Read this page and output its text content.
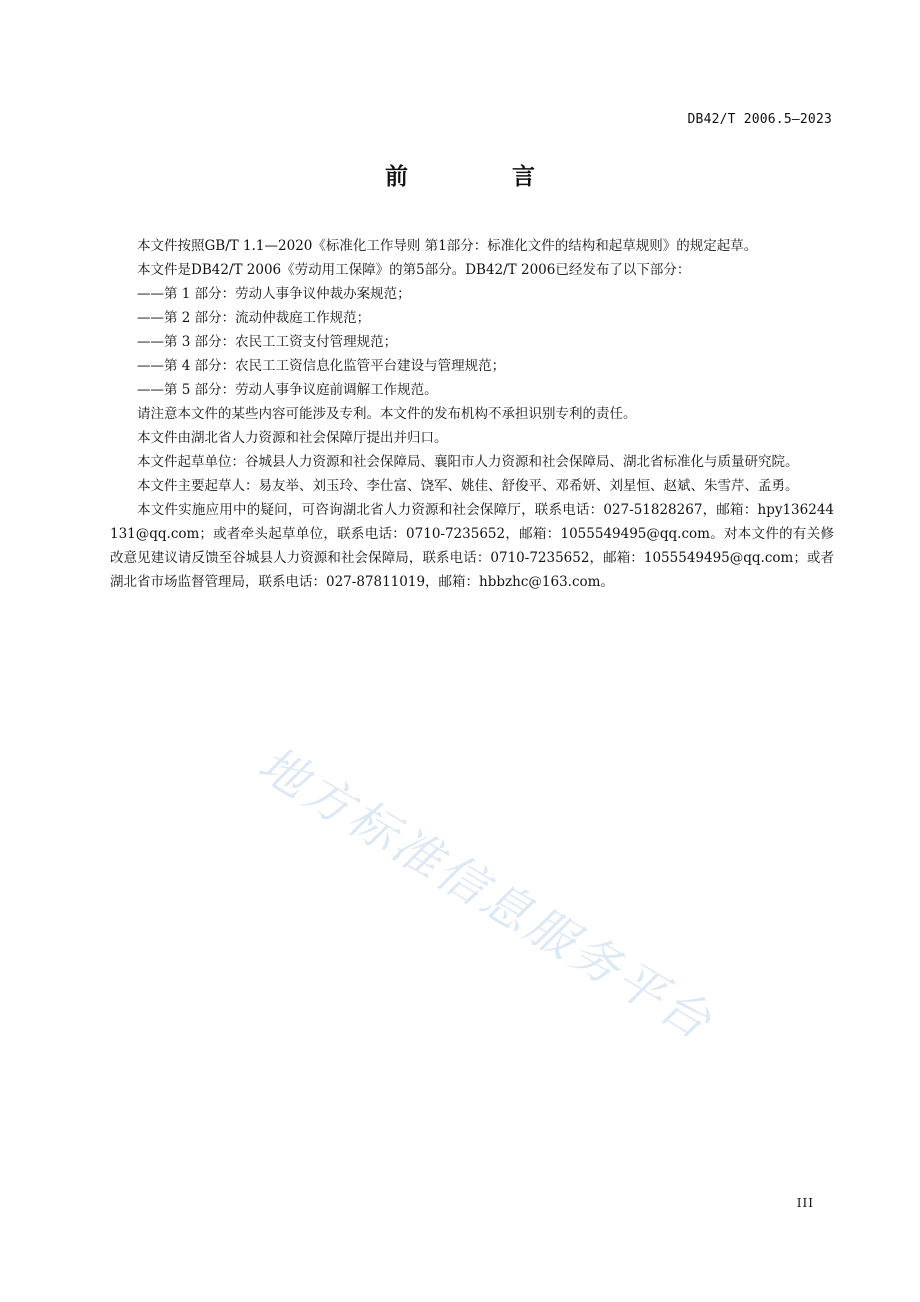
DB42/T 2006.5—2023
前 言

本文件按照GB/T 1.1—2020《标准化工作导则 第1部分：标准化文件的结构和起草规则》的规定起草。

本文件是DB42/T 2006《劳动用工保障》的第5部分。DB42/T 2006已经发布了以下部分：

——第 1 部分：劳动人事争议仲裁办案规范；

——第 2 部分：流动仲裁庭工作规范；

——第 3 部分：农民工工资支付管理规范；

——第 4 部分：农民工工资信息化监管平台建设与管理规范；

——第 5 部分：劳动人事争议庭前调解工作规范。

请注意本文件的某些内容可能涉及专利。本文件的发布机构不承担识别专利的责任。

本文件由湖北省人力资源和社会保障厅提出并归口。

本文件起草单位：谷城县人力资源和社会保障局、襄阳市人力资源和社会保障局、湖北省标准化与质量研究院。

本文件主要起草人：易友举、刘玉玲、李仕富、饶军、姚佳、舒俊平、邓希妍、刘星恒、赵斌、朱雪芹、孟勇。

本文件实施应用中的疑问，可咨询湖北省人力资源和社会保障厅，联系电话：027-51828267，邮箱：hpy136244131@qq.com；或者牵头起草单位，联系电话：0710-7235652，邮箱：1055549495@qq.com。对本文件的有关修改意见建议请反馈至谷城县人力资源和社会保障局，联系电话：0710-7235652，邮箱：1055549495@qq.com；或者湖北省市场监督管理局，联系电话：027-87811019，邮箱：hbbzhc@163.com。

地方标准信息服务平台
III
